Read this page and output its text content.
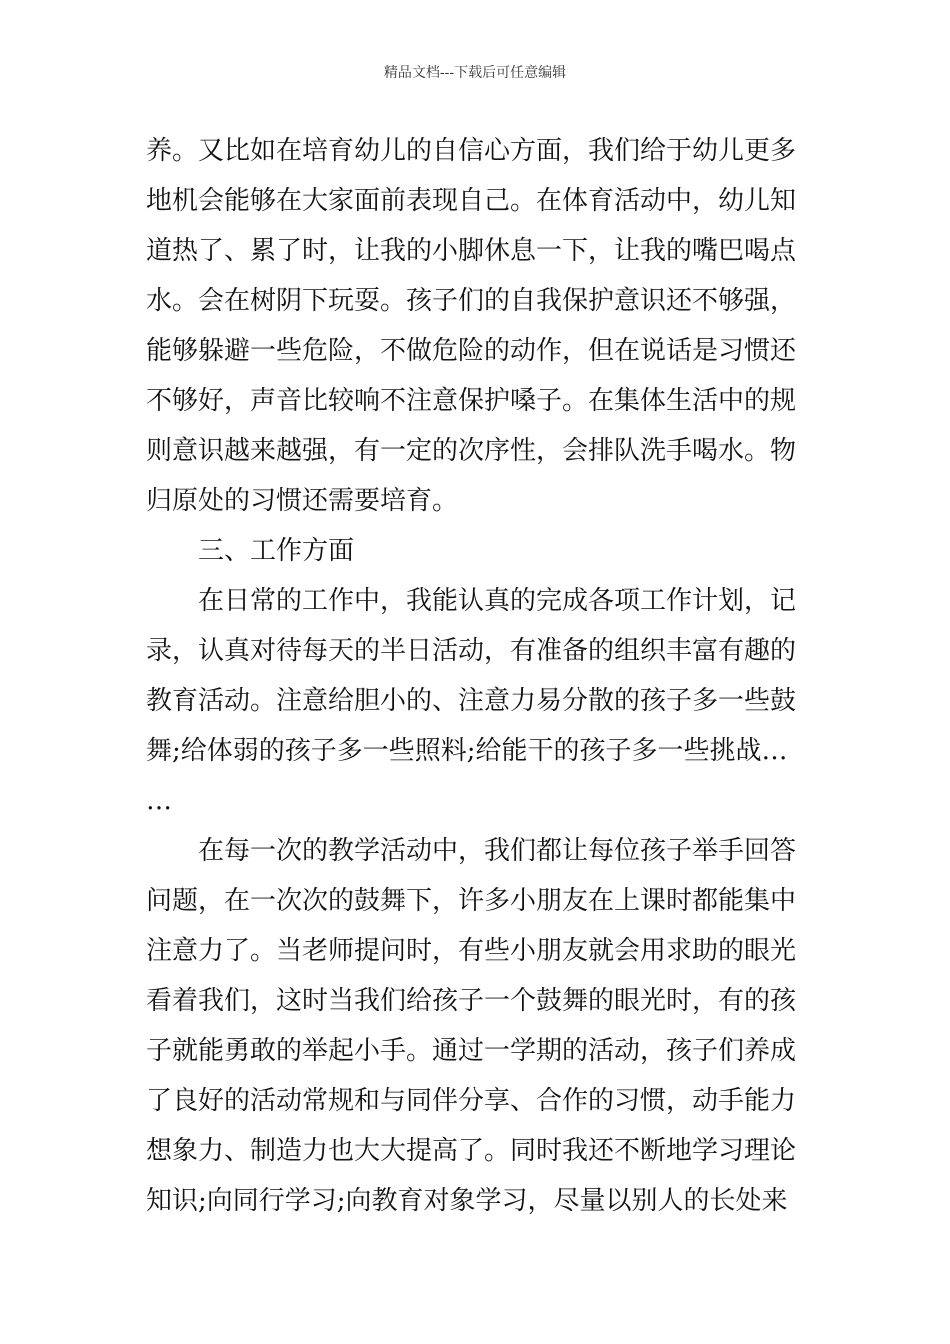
精品文档---下载后可任意编辑
养。又比如在培育幼儿的自信心方面，我们给于幼儿更多
地机会能够在大家面前表现自己。在体育活动中，幼儿知
道热了、累了时，让我的小脚休息一下，让我的嘴巴喝点
水。会在树阴下玩耍。孩子们的自我保护意识还不够强，
能够躲避一些危险，不做危险的动作，但在说话是习惯还
不够好，声音比较响不注意保护嗓子。在集体生活中的规
则意识越来越强，有一定的次序性，会排队洗手喝水。物
归原处的习惯还需要培育。
三、工作方面
在日常的工作中，我能认真的完成各项工作计划，记
录，认真对待每天的半日活动，有准备的组织丰富有趣的
教育活动。注意给胆小的、注意力易分散的孩子多一些鼓
舞;给体弱的孩子多一些照料;给能干的孩子多一些挑战…
…
在每一次的教学活动中，我们都让每位孩子举手回答
问题，在一次次的鼓舞下，许多小朋友在上课时都能集中
注意力了。当老师提问时，有些小朋友就会用求助的眼光
看着我们，这时当我们给孩子一个鼓舞的眼光时，有的孩
子就能勇敢的举起小手。通过一学期的活动，孩子们养成
了良好的活动常规和与同伴分享、合作的习惯，动手能力
想象力、制造力也大大提高了。同时我还不断地学习理论
知识;向同行学习;向教育对象学习，尽量以别人的长处来
